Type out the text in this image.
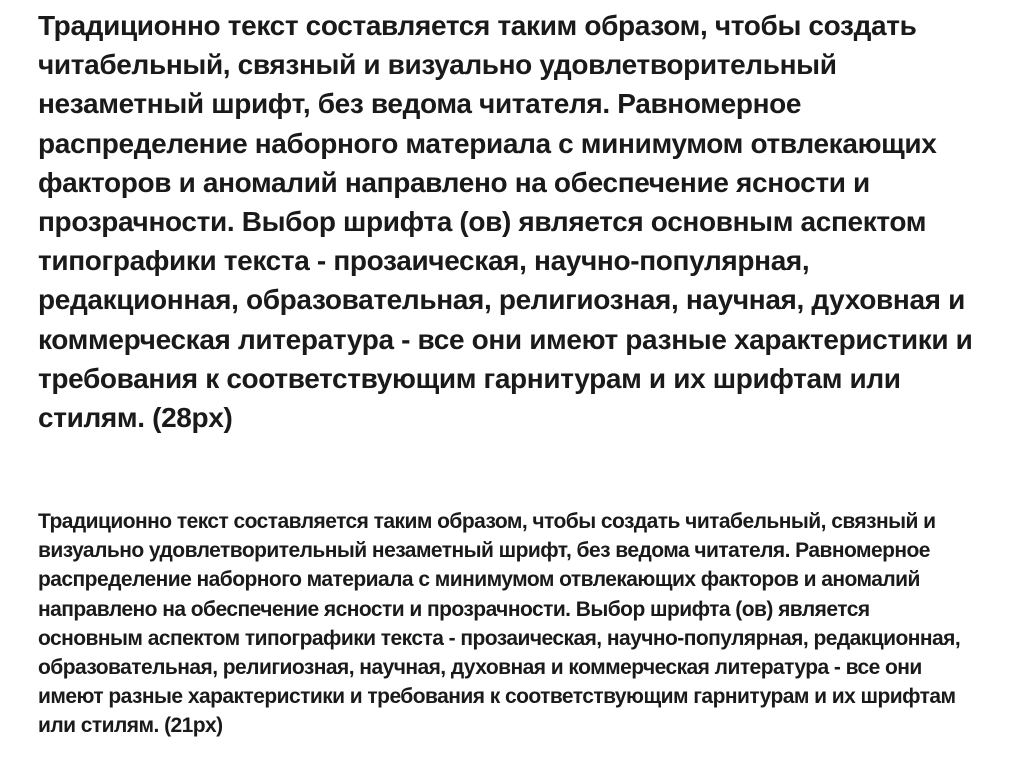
Традиционно текст составляется таким образом, чтобы создать читабельный, связный и визуально удовлетворительный незаметный шрифт, без ведома читателя. Равномерное распределение наборного материала с минимумом отвлекающих факторов и аномалий направлено на обеспечение ясности и прозрачности. Выбор шрифта (ов) является основным аспектом типографики текста - прозаическая, научно-популярная, редакционная, образовательная, религиозная, научная, духовная и коммерческая литература - все они имеют разные характеристики и требования к соответствующим гарнитурам и их шрифтам или стилям. (28px)

Традиционно текст составляется таким образом, чтобы создать читабельный, связный и визуально удовлетворительный незаметный шрифт, без ведома читателя. Равномерное распределение наборного материала с минимумом отвлекающих факторов и аномалий направлено на обеспечение ясности и прозрачности. Выбор шрифта (ов) является основным аспектом типографики текста - прозаическая, научно-популярная, редакционная, образовательная, религиозная, научная, духовная и коммерческая литература - все они имеют разные характеристики и требования к соответствующим гарнитурам и их шрифтам или стилям. (21px)
